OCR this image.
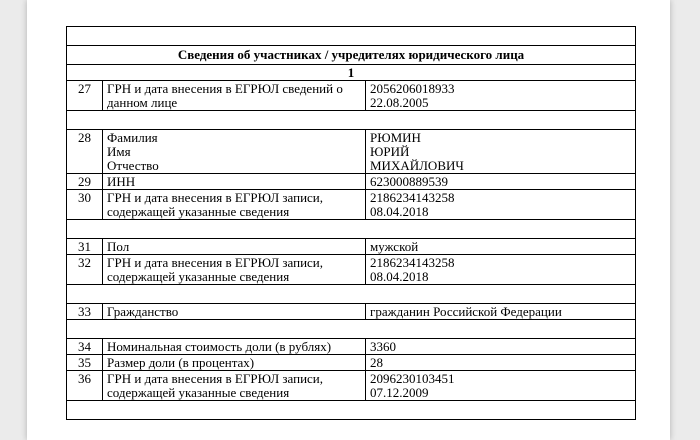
Сведения об участниках / учредителях юридического лица		
1		
27	ГРН и дата внесения в ЕГРЮЛ сведений о
данном лице	2056206018933
22.08.2005

28	Фамилия
Имя
Отчество	РЮМИН
ЮРИЙ
МИХАЙЛОВИЧ

29	ИНН	623000889539

30	ГРН и дата внесения в ЕГРЮЛ записи,
содержащей указанные сведения	2186234143258
08.04.2018

31	Пол	мужской

32	ГРН и дата внесения в ЕГРЮЛ записи,
содержащей указанные сведения	2186234143258
08.04.2018

33	Гражданство	гражданин Российской Федерации

34	Номинальная стоимость доли (в рублях)	3360

35	Размер доли (в процентах)	28

36	ГРН и дата внесения в ЕГРЮЛ записи,
содержащей указанные сведения	2096230103451
07.12.2009
